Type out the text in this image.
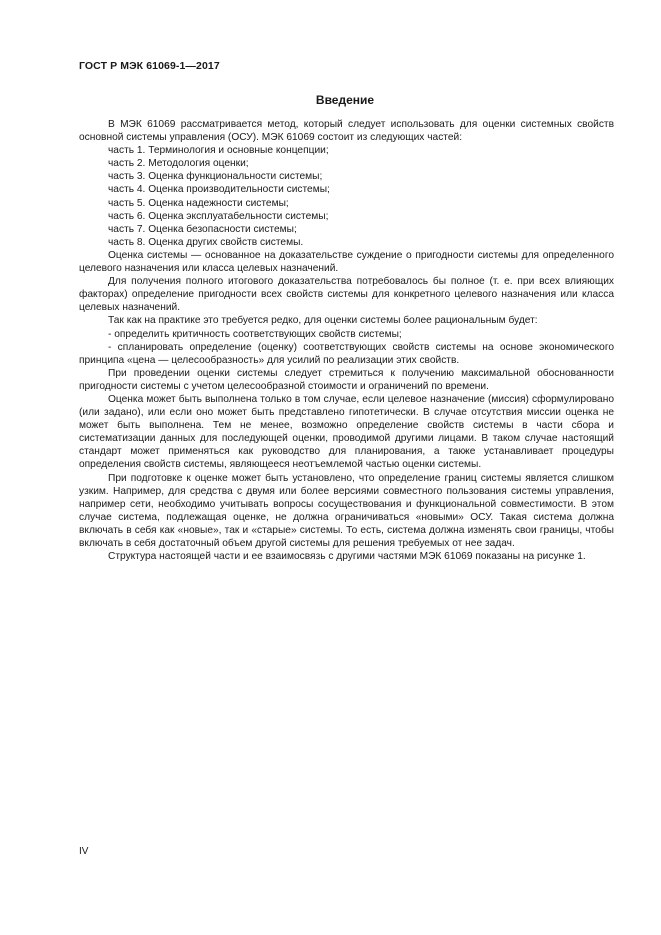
ГОСТ Р МЭК 61069-1—2017
Введение

В МЭК 61069 рассматривается метод, который следует использовать для оценки системных свойств основной системы управления (ОСУ). МЭК 61069 состоит из следующих частей:

часть 1. Терминология и основные концепции;

часть 2. Методология оценки;

часть 3. Оценка функциональности системы;

часть 4. Оценка производительности системы;

часть 5. Оценка надежности системы;

часть 6. Оценка эксплуатабельности системы;

часть 7. Оценка безопасности системы;

часть 8. Оценка других свойств системы.

Оценка системы — основанное на доказательстве суждение о пригодности системы для определенного целевого назначения или класса целевых назначений.

Для получения полного итогового доказательства потребовалось бы полное (т. е. при всех влияющих факторах) определение пригодности всех свойств системы для конкретного целевого назначения или класса целевых назначений.

Так как на практике это требуется редко, для оценки системы более рациональным будет:

- определить критичность соответствующих свойств системы;

- спланировать определение (оценку) соответствующих свойств системы на основе экономического принципа «цена — целесообразность» для усилий по реализации этих свойств.

При проведении оценки системы следует стремиться к получению максимальной обоснованности пригодности системы с учетом целесообразной стоимости и ограничений по времени.

Оценка может быть выполнена только в том случае, если целевое назначение (миссия) сформулировано (или задано), или если оно может быть представлено гипотетически. В случае отсутствия миссии оценка не может быть выполнена. Тем не менее, возможно определение свойств системы в части сбора и систематизации данных для последующей оценки, проводимой другими лицами. В таком случае настоящий стандарт может применяться как руководство для планирования, а также устанавливает процедуры определения свойств системы, являющееся неотъемлемой частью оценки системы.

При подготовке к оценке может быть установлено, что определение границ системы является слишком узким. Например, для средства с двумя или более версиями совместного пользования системы управления, например сети, необходимо учитывать вопросы сосуществования и функциональной совместимости. В этом случае система, подлежащая оценке, не должна ограничиваться «новыми» ОСУ. Такая система должна включать в себя как «новые», так и «старые» системы. То есть, система должна изменять свои границы, чтобы включать в себя достаточный объем другой системы для решения требуемых от нее задач.

Структура настоящей части и ее взаимосвязь с другими частями МЭК 61069 показаны на рисунке 1.

IV
